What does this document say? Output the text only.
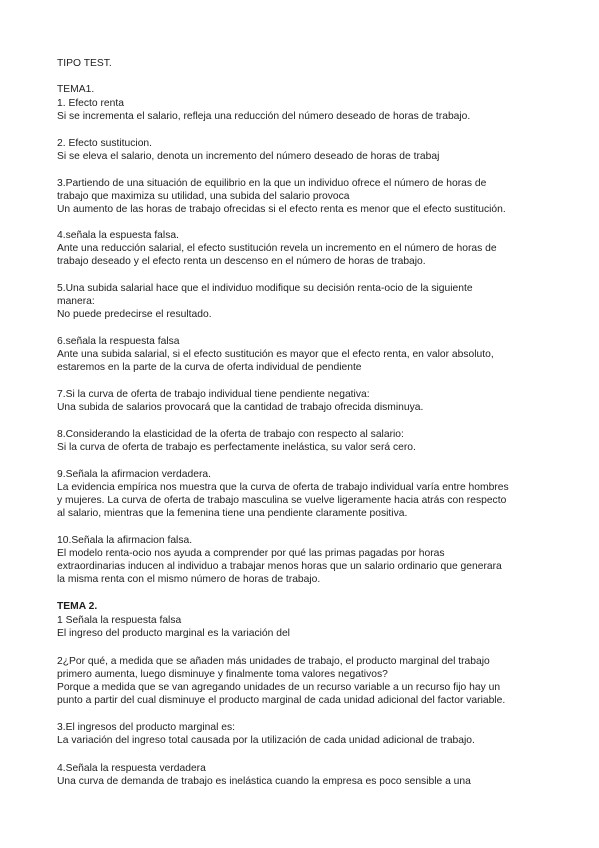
TIPO TEST.
TEMA1.
1. Efecto renta
Si se incrementa el salario, refleja una reducción del número deseado de horas de trabajo.
2. Efecto sustitucion.
Si se eleva el salario, denota un incremento del número deseado de horas de trabaj
3.Partiendo de una situación de equilibrio en la que un individuo ofrece el número de horas de
trabajo que maximiza su utilidad, una subida del salario provoca
Un aumento de las horas de trabajo ofrecidas si el efecto renta es menor que el efecto sustitución.
4.señala la espuesta falsa.
Ante una reducción salarial, el efecto sustitución revela un incremento en el número de horas de
trabajo deseado y el efecto renta un descenso en el número de horas de trabajo.
5.Una subida salarial hace que el individuo modifique su decisión renta-ocio de la siguiente
manera:
No puede predecirse el resultado.
6.señala la respuesta falsa
Ante una subida salarial, si el efecto sustitución es mayor que el efecto renta, en valor absoluto,
estaremos en la parte de la curva de oferta individual de pendiente
7.Si la curva de oferta de trabajo individual tiene pendiente negativa:
Una subida de salarios provocará que la cantidad de trabajo ofrecida disminuya.
8.Considerando la elasticidad de la oferta de trabajo con respecto al salario:
Si la curva de oferta de trabajo es perfectamente inelástica, su valor será cero.
9.Señala la afirmacion verdadera.
La evidencia empírica nos muestra que la curva de oferta de trabajo individual varía entre hombres
y mujeres. La curva de oferta de trabajo masculina se vuelve ligeramente hacia atrás con respecto
al salario, mientras que la femenina tiene una pendiente claramente positiva.
10.Señala la afirmacion falsa.
El modelo renta-ocio nos ayuda a comprender por qué las primas pagadas por horas
extraordinarias inducen al individuo a trabajar menos horas que un salario ordinario que generara
la misma renta con el mismo número de horas de trabajo.
TEMA 2.
1 Señala la respuesta falsa
El ingreso del producto marginal es la variación del
2¿Por qué, a medida que se añaden más unidades de trabajo, el producto marginal del trabajo
primero aumenta, luego disminuye y finalmente toma valores negativos?
Porque a medida que se van agregando unidades de un recurso variable a un recurso fijo hay un
punto a partir del cual disminuye el producto marginal de cada unidad adicional del factor variable.
3.El ingresos del producto marginal es:
La variación del ingreso total causada por la utilización de cada unidad adicional de trabajo.
4.Señala la respuesta verdadera
Una curva de demanda de trabajo es inelástica cuando la empresa es poco sensible a una
